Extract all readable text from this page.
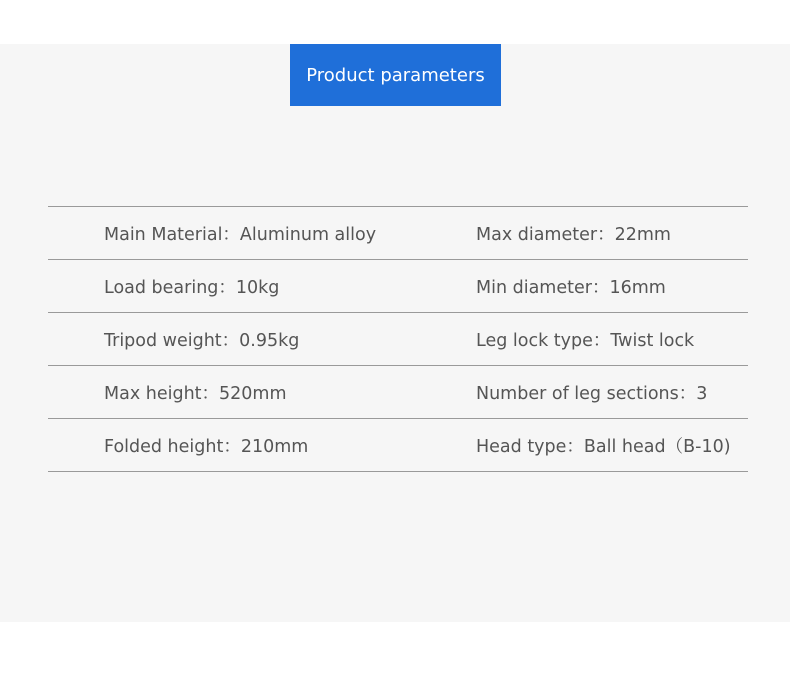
Product parameters
Main Material：Aluminum alloy	Max diameter：22mm
Load bearing：10kg	Min diameter：16mm
Tripod weight：0.95kg	Leg lock type：Twist lock
Max height：520mm	Number of leg sections：3
Folded height：210mm	Head type：Ball head（B-10)
